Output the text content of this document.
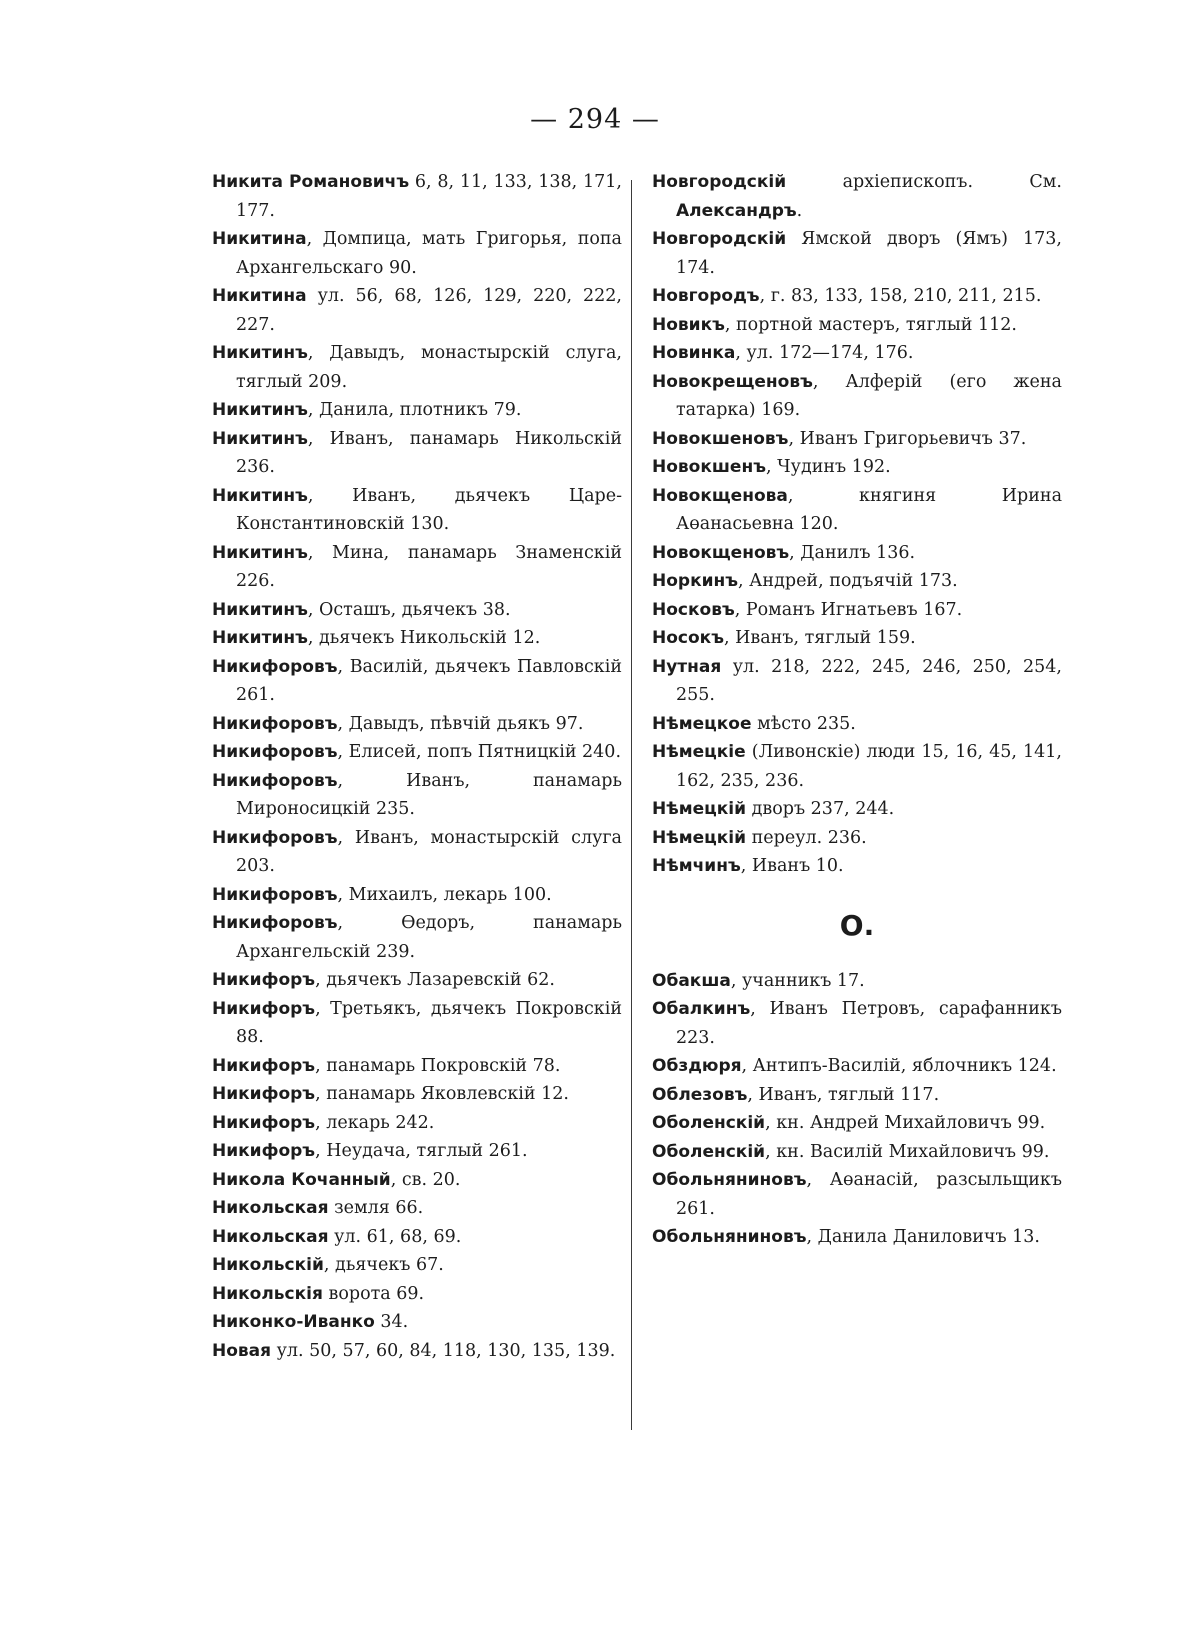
— 294 —

Никита Романовичъ 6, 8, 11, 133, 138, 171, 177.

Никитина, Домпица, мать Григорья, попа Архангельскаго 90.

Никитина ул. 56, 68, 126, 129, 220, 222, 227.

Никитинъ, Давыдъ, монастырскій слуга, тяглый 209.

Никитинъ, Данила, плотникъ 79.

Никитинъ, Иванъ, панамарь Никольскій 236.

Никитинъ, Иванъ, дьячекъ Царе-Константиновскій 130.

Никитинъ, Мина, панамарь Знаменскій 226.

Никитинъ, Осташъ, дьячекъ 38.

Никитинъ, дьячекъ Никольскій 12.

Никифоровъ, Василій, дьячекъ Павловскій 261.

Никифоровъ, Давыдъ, пѣвчій дьякъ 97.

Никифоровъ, Елисей, попъ Пятницкій 240.

Никифоровъ, Иванъ, панамарь Мироносицкій 235.

Никифоровъ, Иванъ, монастырскій слуга 203.

Никифоровъ, Михаилъ, лекарь 100.

Никифоровъ, Өедоръ, панамарь Архангельскій 239.

Никифоръ, дьячекъ Лазаревскій 62.

Никифоръ, Третьякъ, дьячекъ Покровскій 88.

Никифоръ, панамарь Покровскій 78.

Никифоръ, панамарь Яковлевскій 12.

Никифоръ, лекарь 242.

Никифоръ, Неудача, тяглый 261.

Никола Кочанный, св. 20.

Никольская земля 66.

Никольская ул. 61, 68, 69.

Никольскій, дьячекъ 67.

Никольскія ворота 69.

Никонко-Иванко 34.

Новая ул. 50, 57, 60, 84, 118, 130, 135, 139.

Новгородскій архіепископъ. См. Александръ.

Новгородскій Ямской дворъ (Ямъ) 173, 174.

Новгородъ, г. 83, 133, 158, 210, 211, 215.

Новикъ, портной мастеръ, тяглый 112.

Новинка, ул. 172—174, 176.

Новокрещеновъ, Алферій (его жена татарка) 169.

Новокшеновъ, Иванъ Григорьевичъ 37.

Новокшенъ, Чудинъ 192.

Новокщенова, княгиня Ирина Аөанасьевна 120.

Новокщеновъ, Данилъ 136.

Норкинъ, Андрей, подъячій 173.

Носковъ, Романъ Игнатьевъ 167.

Носокъ, Иванъ, тяглый 159.

Нутная ул. 218, 222, 245, 246, 250, 254, 255.

Нѣмецкое мѣсто 235.

Нѣмецкіе (Ливонскіе) люди 15, 16, 45, 141, 162, 235, 236.

Нѣмецкій дворъ 237, 244.

Нѣмецкій переул. 236.

Нѣмчинъ, Иванъ 10.

О.

Обакша, учанникъ 17.

Обалкинъ, Иванъ Петровъ, сарафанникъ 223.

Обздюря, Антипъ-Василій, яблочникъ 124.

Облезовъ, Иванъ, тяглый 117.

Оболенскій, кн. Андрей Михайловичъ 99.

Оболенскій, кн. Василій Михайловичъ 99.

Обольняниновъ, Аөанасій, разсыльщикъ 261.

Обольняниновъ, Данила Даниловичъ 13.
